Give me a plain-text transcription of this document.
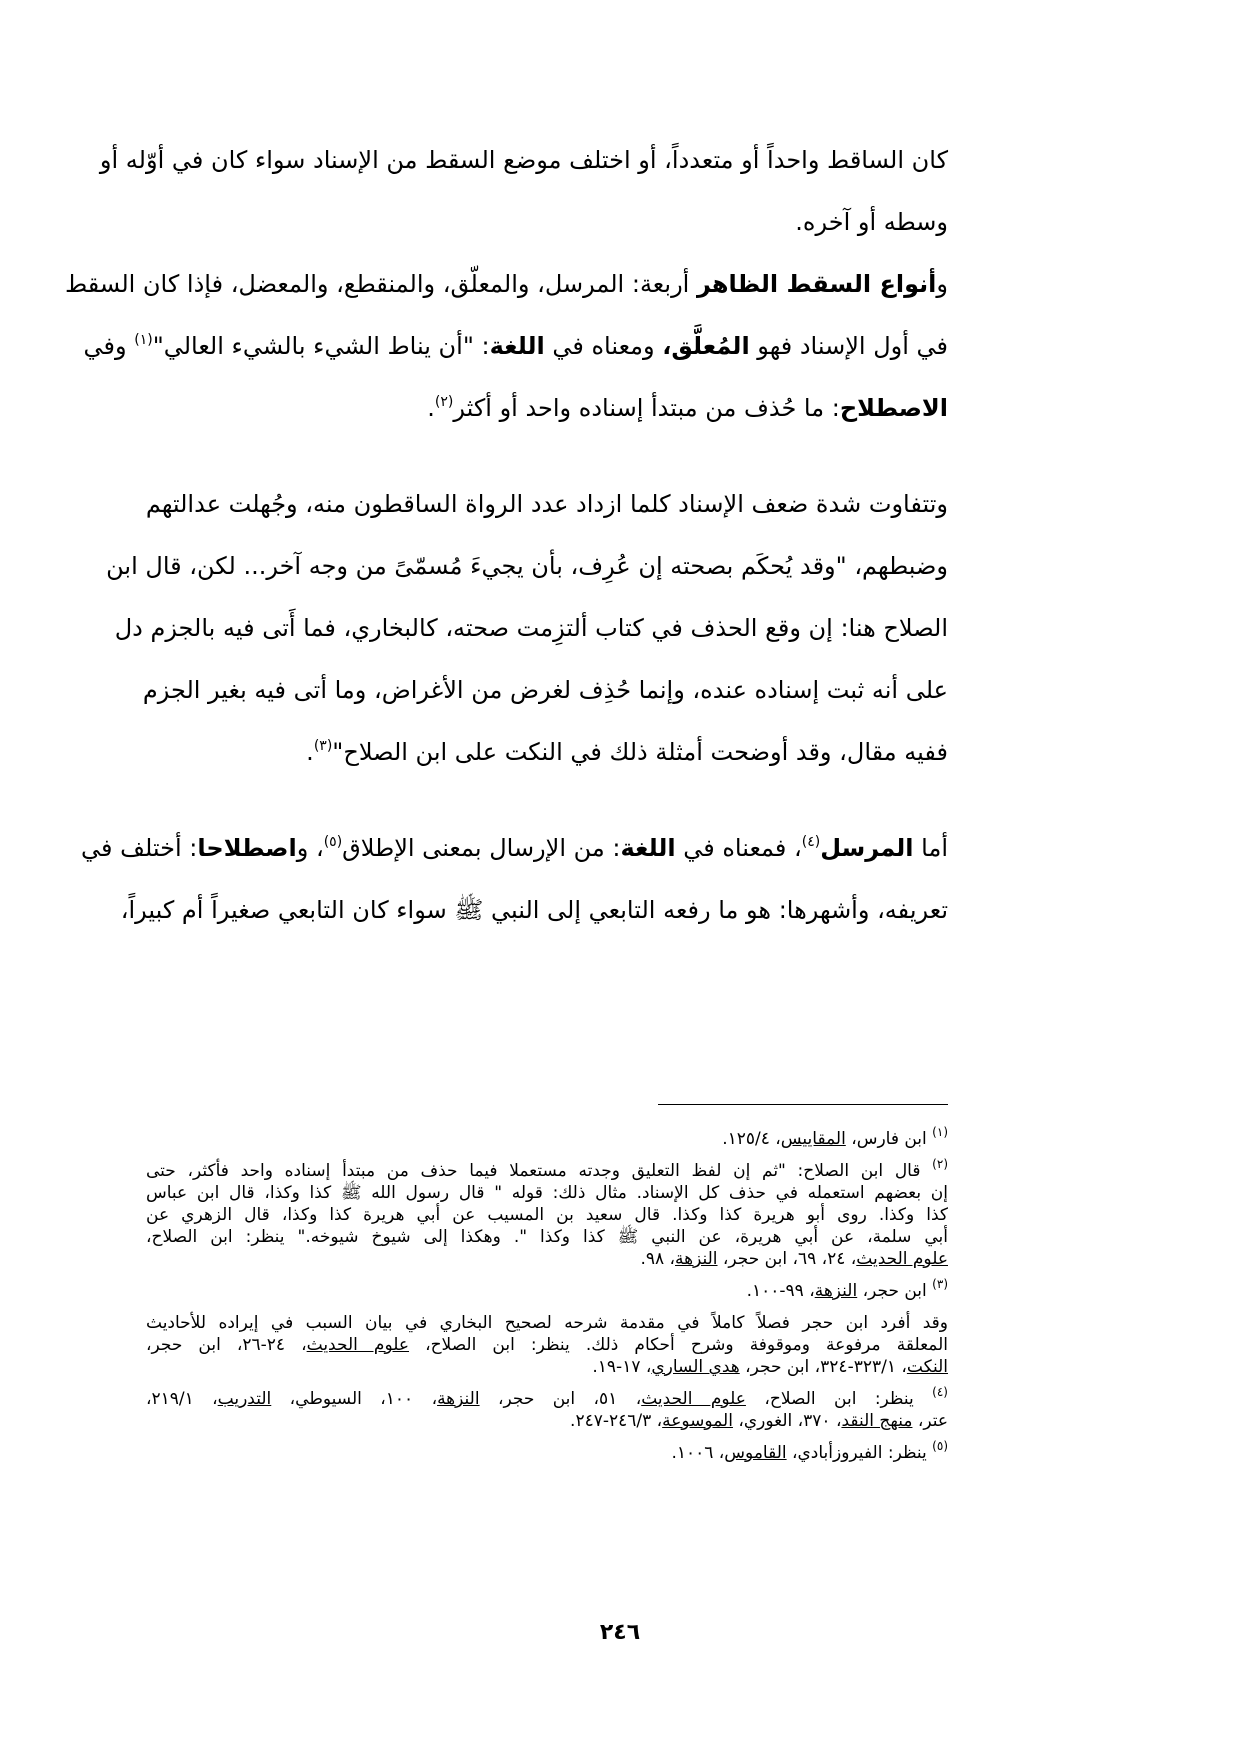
كان الساقط واحداً أو متعدداً، أو اختلف موضع السقط من الإسناد سواء كان في أوّله أو
وسطه أو آخره.
وأنواع السقط الظاهر أربعة: المرسل، والمعلّق، والمنقطع، والمعضل، فإذا كان السقط
في أول الإسناد فهو المُعلَّق، ومعناه في اللغة: "أن يناط الشيء بالشيء العالي"$^{(١)}$ وفي
الاصطلاح: ما حُذف من مبتدأ إسناده واحد أو أكثر$^{(٢)}$.
وتتفاوت شدة ضعف الإسناد كلما ازداد عدد الرواة الساقطون منه، وجُهلت عدالتهم
وضبطهم، "وقد يُحكَم بصحته إن عُرِف، بأن يجيءَ مُسمّىً من وجه آخر... لكن، قال ابن
الصلاح هنا: إن وقع الحذف في كتاب ألتزِمت صحته، كالبخاري، فما أَتى فيه بالجزم دل
على أنه ثبت إسناده عنده، وإنما حُذِف لغرض من الأغراض، وما أتى فيه بغير الجزم
ففيه مقال، وقد أوضحت أمثلة ذلك في النكت على ابن الصلاح"$^{(٣)}$.
أما المرسل$^{(٤)}$، فمعناه في اللغة: من الإرسال بمعنى الإطلاق$^{(٥)}$، واصطلاحا: أختلف في
تعريفه، وأشهرها: هو ما رفعه التابعي إلى النبي ﷺ سواء كان التابعي صغيراً أم كبيراً،
$^{(١)}$ ابن فارس، المقاييس، ١٢٥/٤.
$^{(٢)}$ قال ابن الصلاح: "ثم إن لفظ التعليق وجدته مستعملا فيما حذف من مبتدأ إسناده واحد فأكثر، حتى
إن بعضهم استعمله في حذف كل الإسناد. مثال ذلك: قوله " قال رسول الله ﷺ كذا وكذا، قال ابن عباس
كذا وكذا. روى أبو هريرة كذا وكذا. قال سعيد بن المسيب عن أبي هريرة كذا وكذا، قال الزهري عن
أبي سلمة، عن أبي هريرة، عن النبي ﷺ كذا وكذا ". وهكذا إلى شيوخ شيوخه." ينظر: ابن الصلاح،
علوم الحديث، ٢٤، ٦٩، ابن حجر، النزهة، ٩٨.
$^{(٣)}$ ابن حجر، النزهة، ٩٩-١٠٠.
وقد أفرد ابن حجر فصلاً كاملاً في مقدمة شرحه لصحيح البخاري في بيان السبب في إيراده للأحاديث
المعلقة مرفوعة وموقوفة وشرح أحكام ذلك. ينظر: ابن الصلاح، علوم الحديث، ٢٤-٢٦، ابن حجر،
النكت، ٣٢٣/١-٣٢٤، ابن حجر، هدي الساري، ١٧-١٩.
$^{(٤)}$ ينظر: ابن الصلاح، علوم الحديث، ٥١، ابن حجر، النزهة، ١٠٠، السيوطي، التدريب، ٢١٩/١،
عتر، منهج النقد، ٣٧٠، الغوري، الموسوعة، ٢٤٦/٣-٢٤٧.
$^{(٥)}$ ينظر: الفيروزأبادي، القاموس، ١٠٠٦.
٢٤٦
